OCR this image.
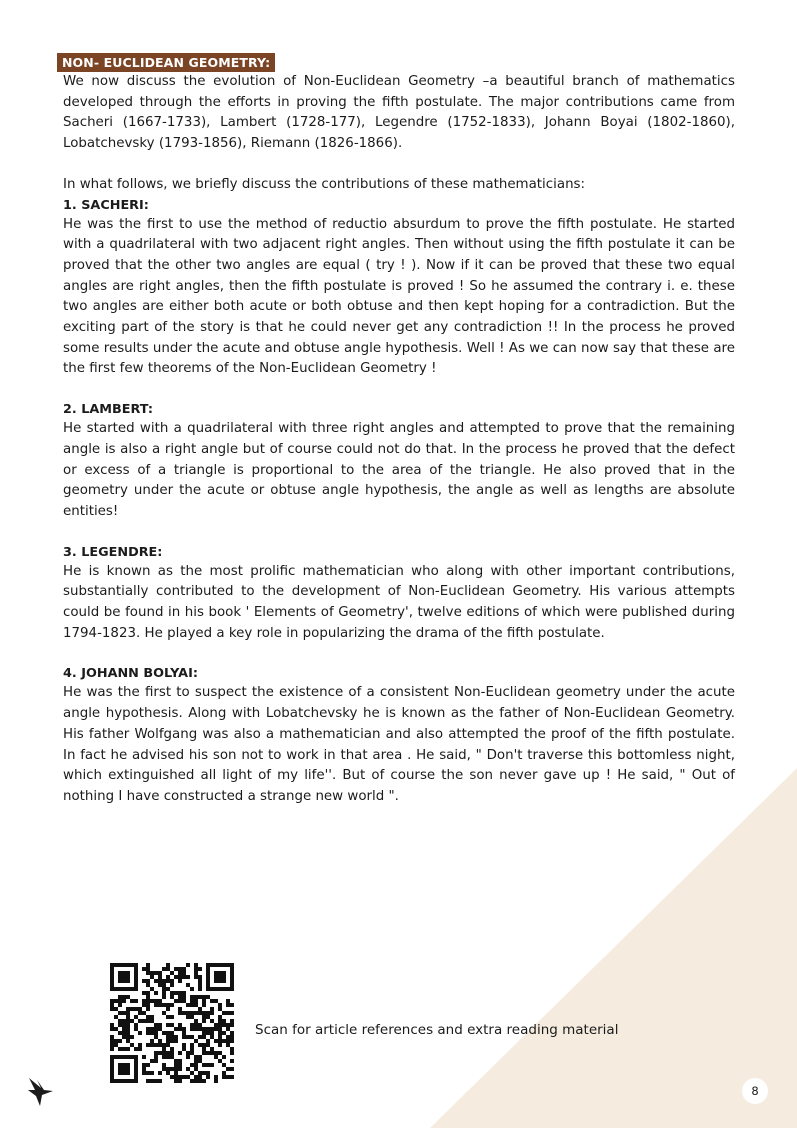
NON- EUCLIDEAN GEOMETRY:

We now discuss the evolution of Non-Euclidean Geometry –a beautiful branch of mathematics developed through the efforts in proving the fifth postulate. The major contributions came from Sacheri (1667-1733), Lambert (1728-177), Legendre (1752-1833), Johann Boyai (1802-1860), Lobatchevsky (1793-1856), Riemann (1826-1866).

In what follows, we briefly discuss the contributions of these mathematicians:

1. SACHERI:

He was the first to use the method of reductio absurdum to prove the fifth postulate. He started with a quadrilateral with two adjacent right angles. Then without using the fifth postulate it can be proved that the other two angles are equal ( try ! ). Now if it can be proved that these two equal angles are right angles, then the fifth postulate is proved ! So he assumed the contrary i. e. these two angles are either both acute or both obtuse and then kept hoping for a contradiction. But the exciting part of the story is that he could never get any contradiction !! In the process he proved some results under the acute and obtuse angle hypothesis. Well ! As we can now say that these are the first few theorems of the Non-Euclidean Geometry !

2. LAMBERT:

He started with a quadrilateral with three right angles and attempted to prove that the remaining angle is also a right angle but of course could not do that. In the process he proved that the defect or excess of a triangle is proportional to the area of the triangle. He also proved that in the geometry under the acute or obtuse angle hypothesis, the angle as well as lengths are absolute entities!

3. LEGENDRE:

He is known as the most prolific mathematician who along with other important contributions, substantially contributed to the development of Non-Euclidean Geometry. His various attempts could be found in his book ' Elements of Geometry', twelve editions of which were published during 1794-1823. He played a key role in popularizing the drama of the fifth postulate.

4. JOHANN BOLYAI:

He was the first to suspect the existence of a consistent Non-Euclidean geometry under the acute angle hypothesis. Along with Lobatchevsky he is known as the father of Non-Euclidean Geometry. His father Wolfgang was also a mathematician and also attempted the proof of the fifth postulate. In fact he advised his son not to work in that area . He said, " Don't traverse this bottomless night, which extinguished all light of my life''. But of course the son never gave up ! He said, " Out of nothing I have constructed a strange new world ".

Scan for article references and extra reading material
8
